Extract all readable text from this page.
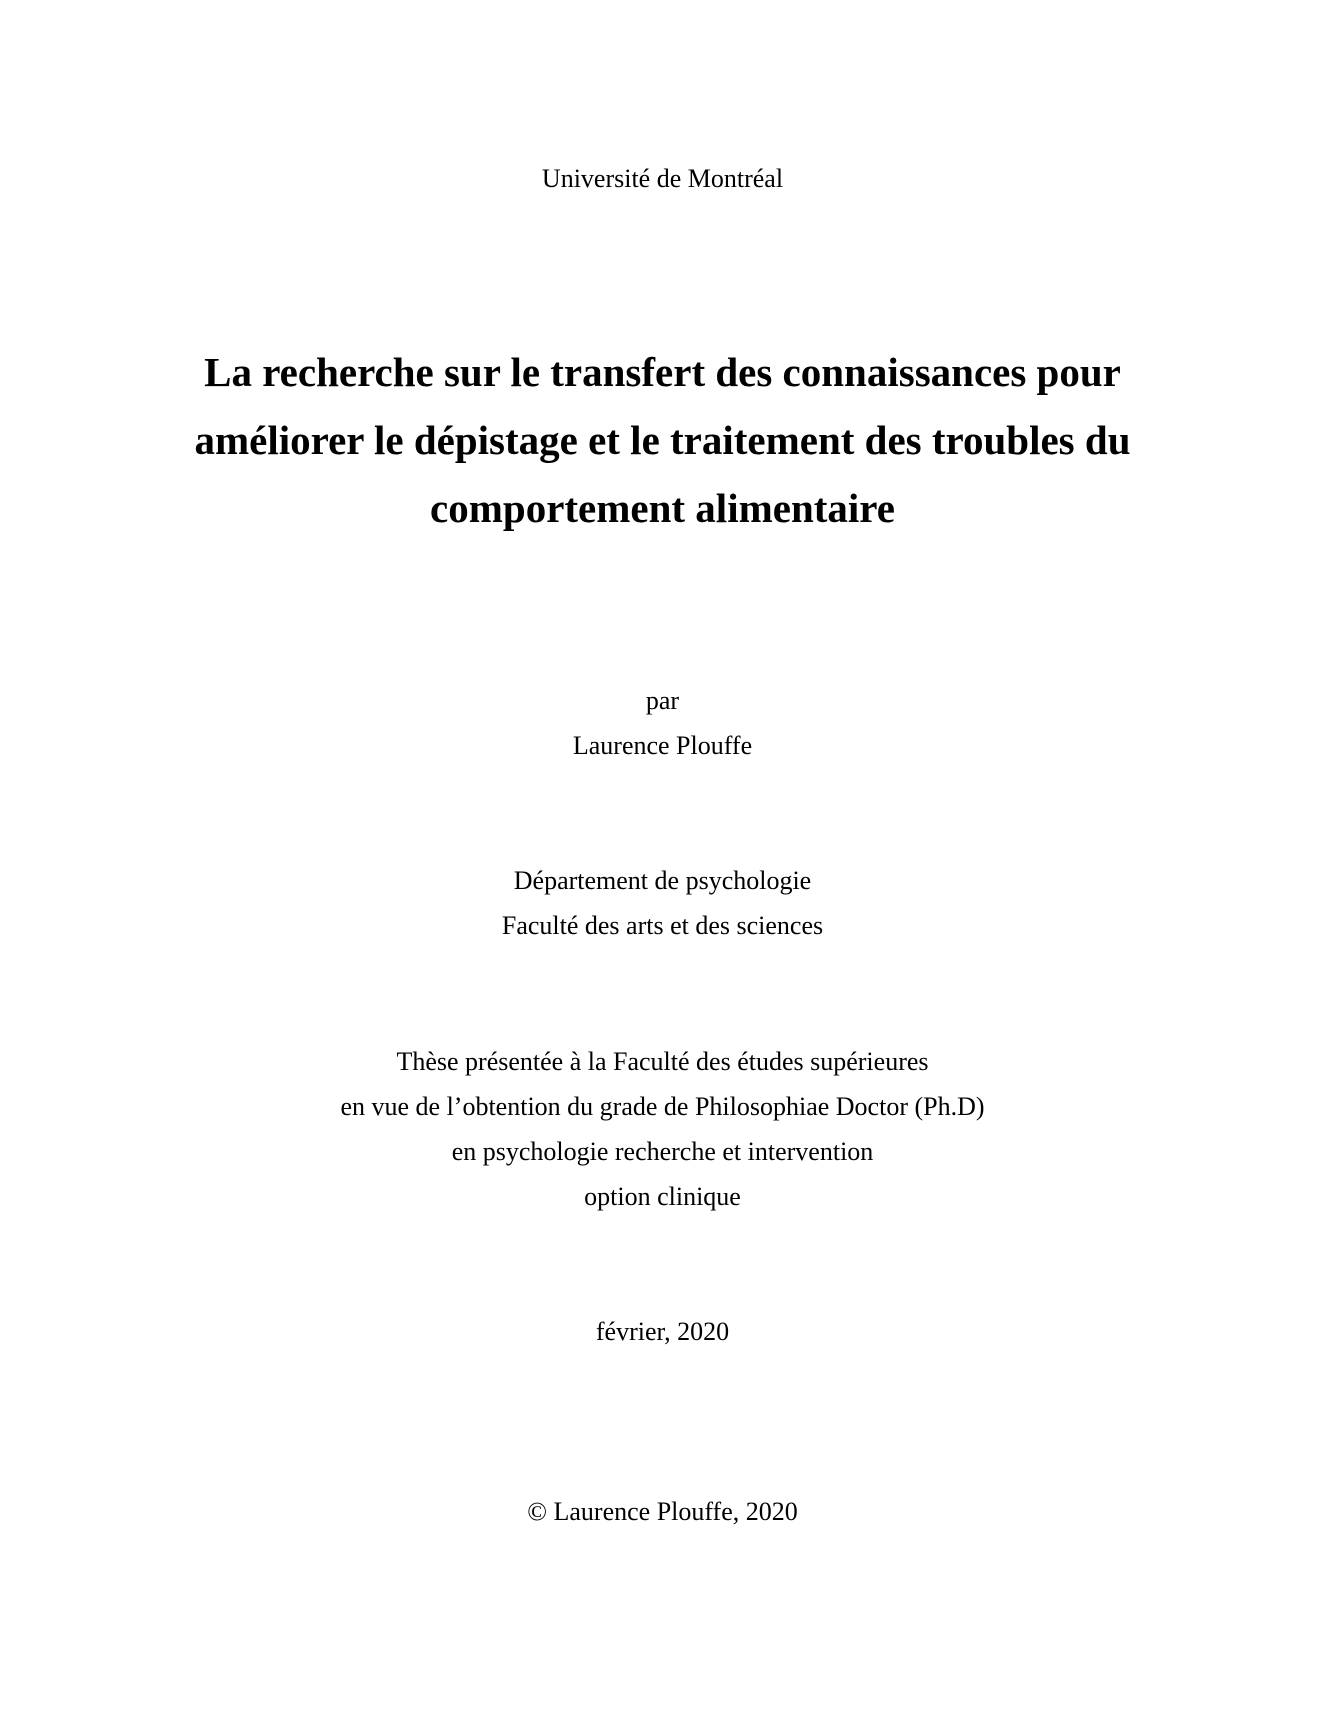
Université de Montréal
La recherche sur le transfert des connaissances pour
améliorer le dépistage et le traitement des troubles du
comportement alimentaire
par
Laurence Plouffe
Département de psychologie
Faculté des arts et des sciences
Thèse présentée à la Faculté des études supérieures
en vue de l’obtention du grade de Philosophiae Doctor (Ph.D)
en psychologie recherche et intervention
option clinique
février, 2020
© Laurence Plouffe, 2020
